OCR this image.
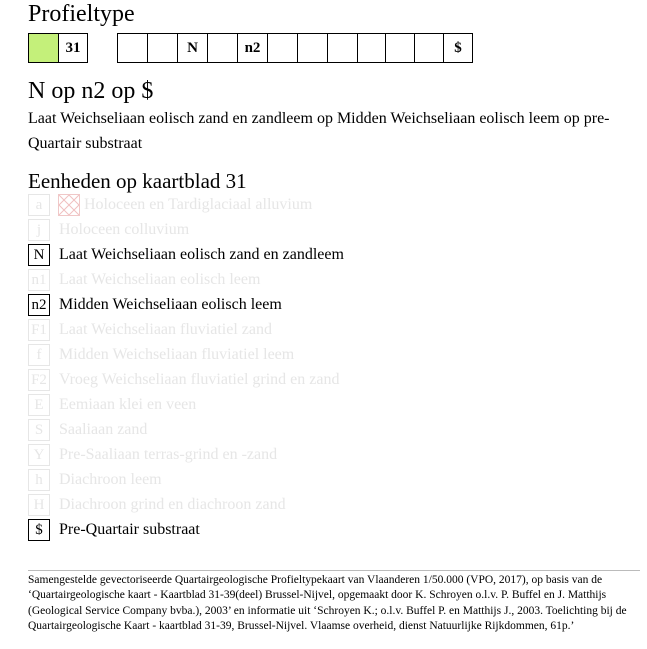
Profieltype
31	N	n2	$
N op n2 op $
Laat Weichseliaan eolisch zand en zandleem op Midden Weichseliaan eolisch leem op pre-Quartair substraat
Eenheden op kaartblad 31
a	Holoceen en Tardiglaciaal alluvium
j	Holoceen colluvium
N Laat Weichseliaan eolisch zand en zandleem
n1 Laat Weichseliaan eolisch leem
n2 Midden Weichseliaan eolisch leem
F1 Laat Weichseliaan fluviatiel zand
f	Midden Weichseliaan fluviatiel leem
F2 Vroeg Weichseliaan fluviatiel grind en zand
E Eemiaan klei en veen
S Saaliaan zand
Y Pre-Saaliaan terras-grind en -zand
h	Diachroon leem
H Diachroon grind en diachroon zand
$	Pre-Quartair substraat
Samengestelde gevectoriseerde Quartairgeologische Profieltypekaart van Vlaanderen 1/50.000 (VPO, 2017), op basis van de ‘Quartairgeologische kaart - Kaartblad 31-39(deel) Brussel-Nijvel, opgemaakt door K. Schroyen o.l.v. P. Buffel en J. Matthijs (Geological Service Company bvba.), 2003’ en informatie uit ‘Schroyen K.; o.l.v. Buffel P. en Matthijs J., 2003. Toelichting bij de Quartairgeologische Kaart - kaartblad 31-39, Brussel-Nijvel. Vlaamse overheid, dienst Natuurlijke Rijkdommen, 61p.’
